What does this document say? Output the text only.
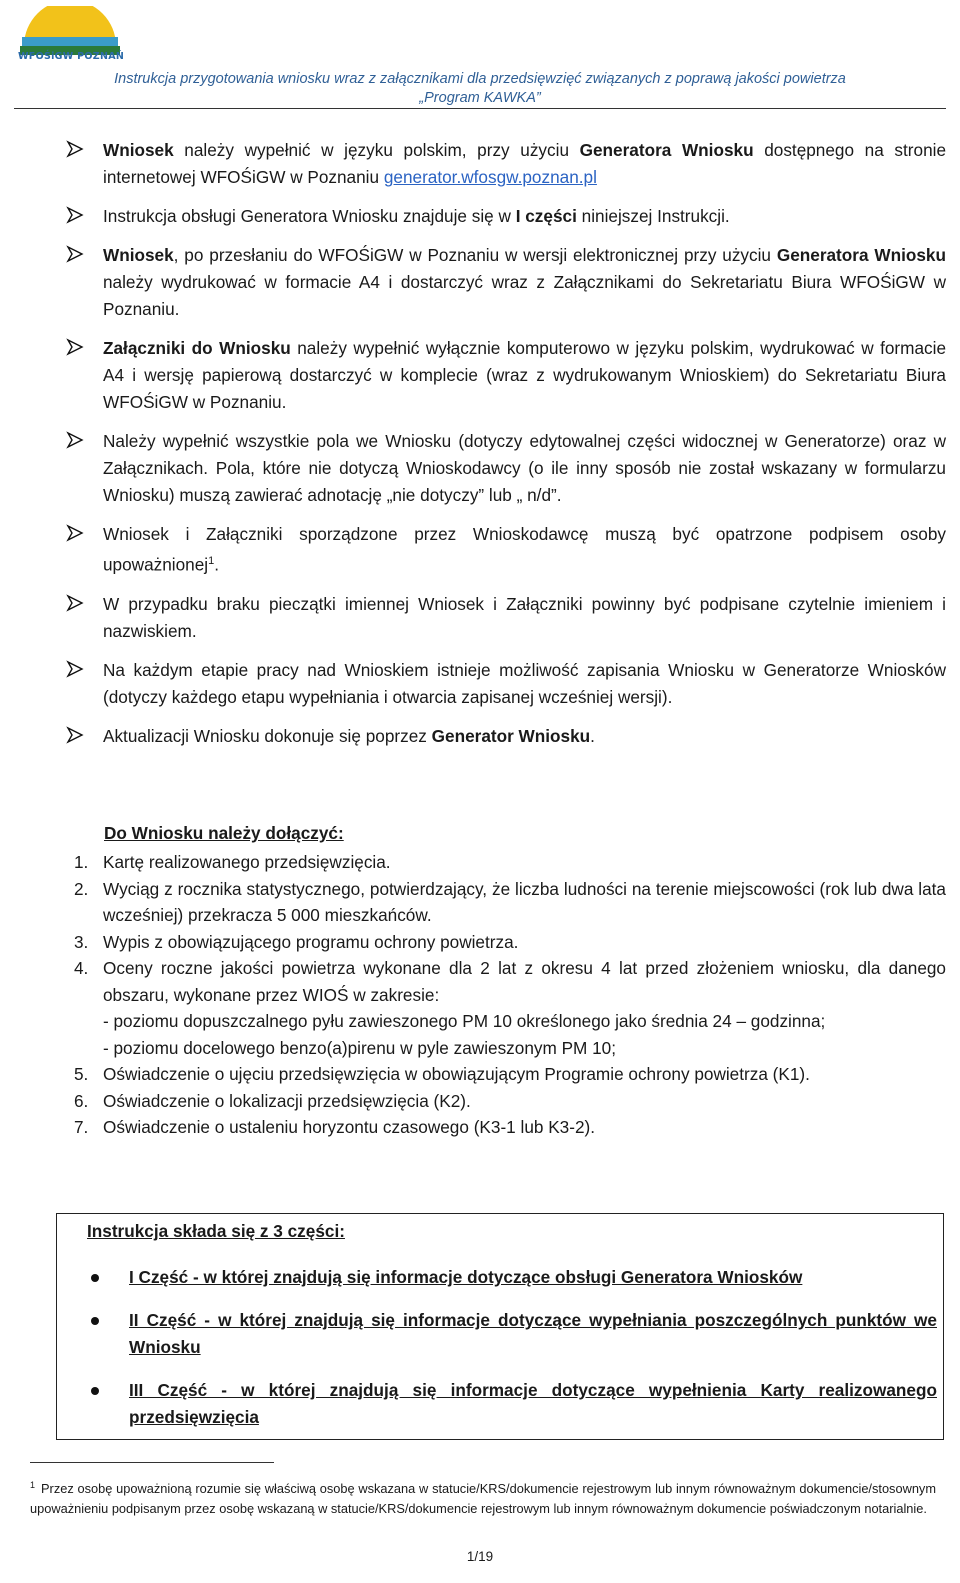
WFOŚiGW POZNAŃ
Instrukcja przygotowania wniosku wraz z załącznikami dla przedsięwzięć związanych z poprawą jakości powietrza
„Program KAWKA”
Wniosek należy wypełnić w języku polskim, przy użyciu Generatora Wniosku dostępnego na stronie internetowej WFOŚiGW w Poznaniu generator.wfosgw.poznan.pl
Instrukcja obsługi Generatora Wniosku znajduje się w I części niniejszej Instrukcji.
Wniosek, po przesłaniu do WFOŚiGW w Poznaniu w wersji elektronicznej przy użyciu Generatora Wniosku należy wydrukować w formacie A4 i dostarczyć wraz z Załącznikami do Sekretariatu Biura WFOŚiGW w Poznaniu.
Załączniki do Wniosku należy wypełnić wyłącznie komputerowo w języku polskim, wydrukować w formacie A4 i wersję papierową dostarczyć w komplecie (wraz z wydrukowanym Wnioskiem) do Sekretariatu Biura WFOŚiGW w Poznaniu.
Należy wypełnić wszystkie pola we Wniosku (dotyczy edytowalnej części widocznej w Generatorze) oraz w Załącznikach. Pola, które nie dotyczą Wnioskodawcy (o ile inny sposób nie został wskazany w formularzu Wniosku) muszą zawierać adnotację „nie dotyczy” lub „ n/d”.
Wniosek i Załączniki sporządzone przez Wnioskodawcę muszą być opatrzone podpisem osoby upoważnionej$^1$.
W przypadku braku pieczątki imiennej Wniosek i Załączniki powinny być podpisane czytelnie imieniem i nazwiskiem.
Na każdym etapie pracy nad Wnioskiem istnieje możliwość zapisania Wniosku w Generatorze Wniosków (dotyczy każdego etapu wypełniania i otwarcia zapisanej wcześniej wersji).
Aktualizacji Wniosku dokonuje się poprzez Generator Wniosku.
Do Wniosku należy dołączyć:
1. Kartę realizowanego przedsięwzięcia.
2. Wyciąg z rocznika statystycznego, potwierdzający, że liczba ludności na terenie miejscowości (rok lub dwa lata wcześniej) przekracza 5 000 mieszkańców.
3. Wypis z obowiązującego programu ochrony powietrza.
4. Oceny roczne jakości powietrza wykonane dla 2 lat z okresu 4 lat przed złożeniem wniosku, dla danego obszaru, wykonane przez WIOŚ w zakresie:
- poziomu dopuszczalnego pyłu zawieszonego PM 10 określonego jako średnia 24 – godzinna;
- poziomu docelowego benzo(a)pirenu w pyle zawieszonym PM 10;
5. Oświadczenie o ujęciu przedsięwzięcia w obowiązującym Programie ochrony powietrza (K1).
6. Oświadczenie o lokalizacji przedsięwzięcia (K2).
7. Oświadczenie o ustaleniu horyzontu czasowego (K3-1 lub K3-2).
Instrukcja składa się z 3 części:
I Część - w której znajdują się informacje dotyczące obsługi Generatora Wniosków
II Część - w której znajdują się informacje dotyczące wypełniania poszczególnych punktów we Wniosku
III Część - w której znajdują się informacje dotyczące wypełnienia Karty realizowanego przedsięwzięcia
$^1$ Przez osobę upoważnioną rozumie się właściwą osobę wskazana w statucie/KRS/dokumencie rejestrowym lub innym równoważnym dokumencie/stosownym upoważnieniu podpisanym przez osobę wskazaną w statucie/KRS/dokumencie rejestrowym lub innym równoważnym dokumencie poświadczonym notarialnie.
1/19
